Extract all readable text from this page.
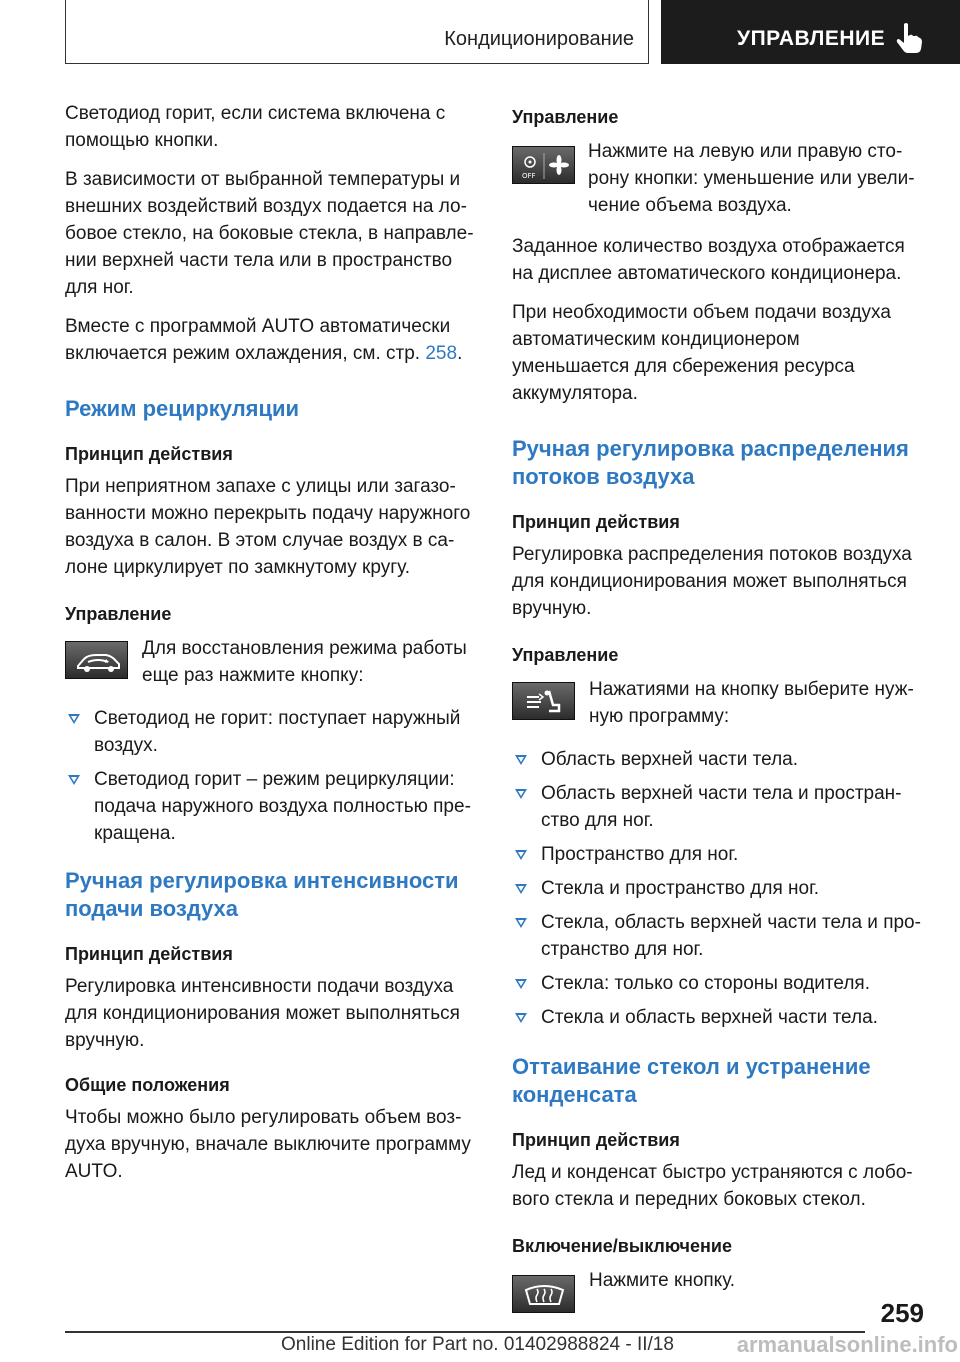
Кондиционирование	УПРАВЛЕНИЕ

Светодиод горит, если система включена с помощью кнопки.

В зависимости от выбранной температуры и внешних воздействий воздух подается на лобовое стекло, на боковые стекла, в направлении верхней части тела или в пространство для ног.

Вместе с программой AUTO автоматически включается режим охлаждения, см. стр. 258.

Режим рециркуляции
Принцип действия

При неприятном запахе с улицы или загазованности можно перекрыть подачу наружного воздуха в салон. В этом случае воздух в салоне циркулирует по замкнутому кругу.

Управление

Для восстановления режима работы еще раз нажмите кнопку:

Светодиод не горит: поступает наружный воздух.
Светодиод горит – режим рециркуляции: подача наружного воздуха полностью прекращена.
Ручная регулировка интенсивности подачи воздуха
Принцип действия

Регулировка интенсивности подачи воздуха для кондиционирования может выполняться вручную.

Общие положения

Чтобы можно было регулировать объем воздуха вручную, вначале выключите программу AUTO.

Управление
OFF

Нажмите на левую или правую сторону кнопки: уменьшение или увеличение объема воздуха.

Заданное количество воздуха отображается на дисплее автоматического кондиционера.

При необходимости объем подачи воздуха автоматическим кондиционером уменьшается для сбережения ресурса аккумулятора.

Ручная регулировка распределения потоков воздуха
Принцип действия

Регулировка распределения потоков воздуха для кондиционирования может выполняться вручную.

Управление

Нажатиями на кнопку выберите нужную программу:

Область верхней части тела.
Область верхней части тела и пространство для ног.
Пространство для ног.
Стекла и пространство для ног.
Стекла, область верхней части тела и пространство для ног.
Стекла: только со стороны водителя.
Стекла и область верхней части тела.
Оттаивание стекол и устранение конденсата
Принцип действия

Лед и конденсат быстро устраняются с лобового стекла и передних боковых стекол.

Включение/выключение

Нажмите кнопку.

259
Online Edition for Part no. 01402988824 - II/18	armanualsonline.info
